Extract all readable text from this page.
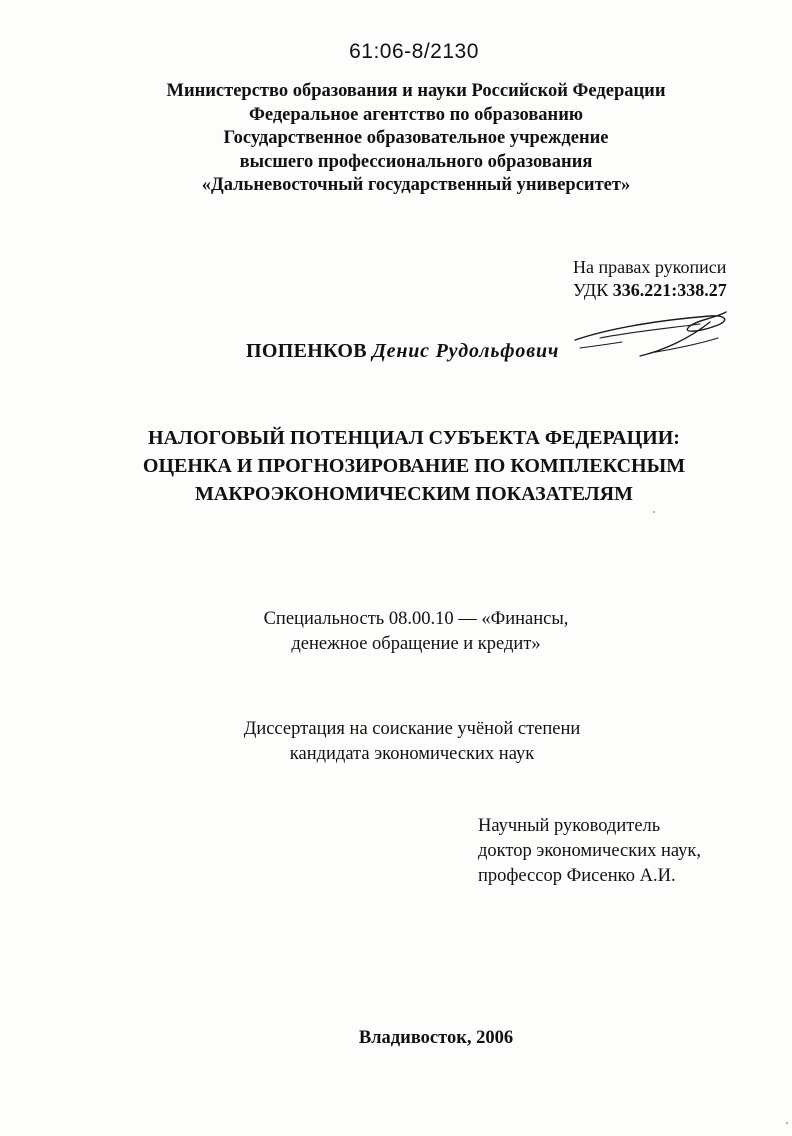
61:06-8/2130
Министерство образования и науки Российской Федерации
Федеральное агентство по образованию
Государственное образовательное учреждение
высшего профессионального образования
«Дальневосточный государственный университет»
На правах рукописи
УДК 336.221:338.27
ПОПЕНКОВ Денис Рудольфович
НАЛОГОВЫЙ ПОТЕНЦИАЛ СУБЪЕКТА ФЕДЕРАЦИИ:
ОЦЕНКА И ПРОГНОЗИРОВАНИЕ ПО КОМПЛЕКСНЫМ
МАКРОЭКОНОМИЧЕСКИМ ПОКАЗАТЕЛЯМ
Специальность 08.00.10 — «Финансы,
денежное обращение и кредит»
Диссертация на соискание учёной степени
кандидата экономических наук
Научный руководитель
доктор экономических наук,
профессор Фисенко А.И.
Владивосток, 2006
